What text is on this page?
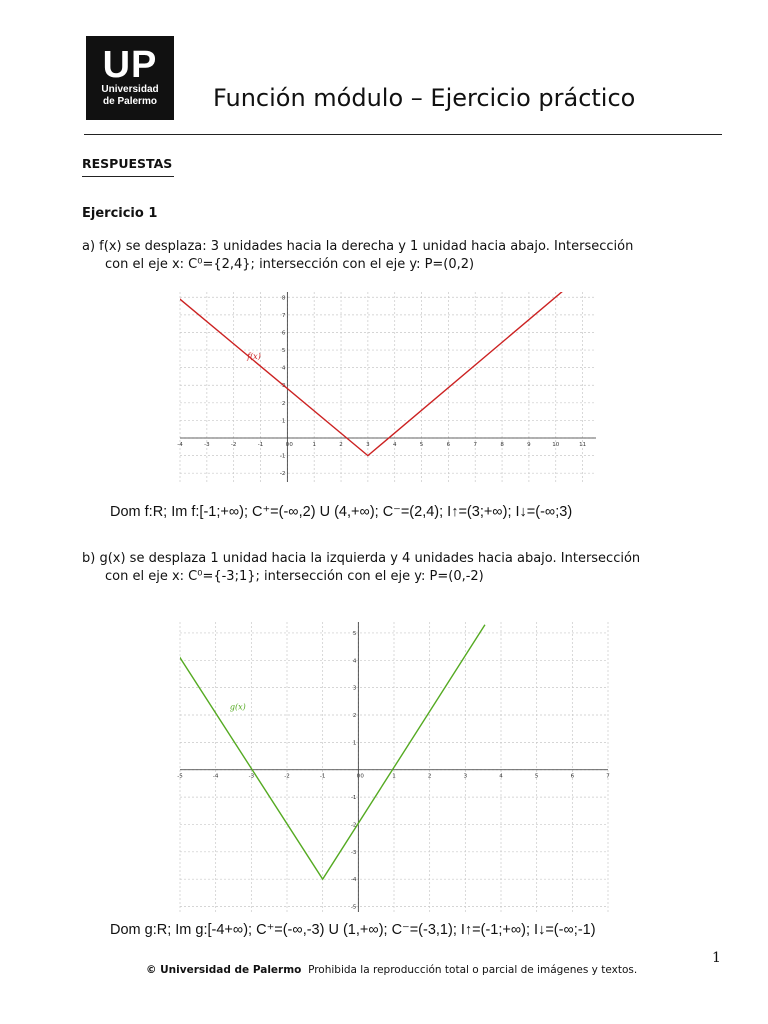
UP
Universidad
de Palermo	Función módulo – Ejercicio práctico
RESPUESTAS
Ejercicio 1
a) f(x) se desplaza: 3 unidades hacia la derecha y 1 unidad hacia abajo. Intersección
con el eje x: C⁰={2,4}; intersección con el eje y: P=(0,2)
-4	-3	-2	-1	0	1	2	3	4	5	6	7	8	9	10	11
-2
-1
1
2
3
4
5
6
7
8
0
f(x)
Dom f:R; Im f:[-1;+∞); C⁺=(-∞,2) U (4,+∞); C⁻=(2,4); I↑=(3;+∞); I↓=(-∞;3)
b) g(x) se desplaza 1 unidad hacia la izquierda y 4 unidades hacia abajo. Intersección
con el eje x: C⁰={-3;1}; intersección con el eje y: P=(0,-2)
-5	-4	-3	-2	-1	0	1	2	3	4	5	6	7
-5
-4
-3
-2
-1
1
2
3
4
5
0
g(x)
Dom g:R; Im g:[-4+∞); C⁺=(-∞,-3) U (1,+∞); C⁻=(-3,1); I↑=(-1;+∞); I↓=(-∞;-1)
1
© Universidad de Palermo Prohibida la reproducción total o parcial de imágenes y textos.
